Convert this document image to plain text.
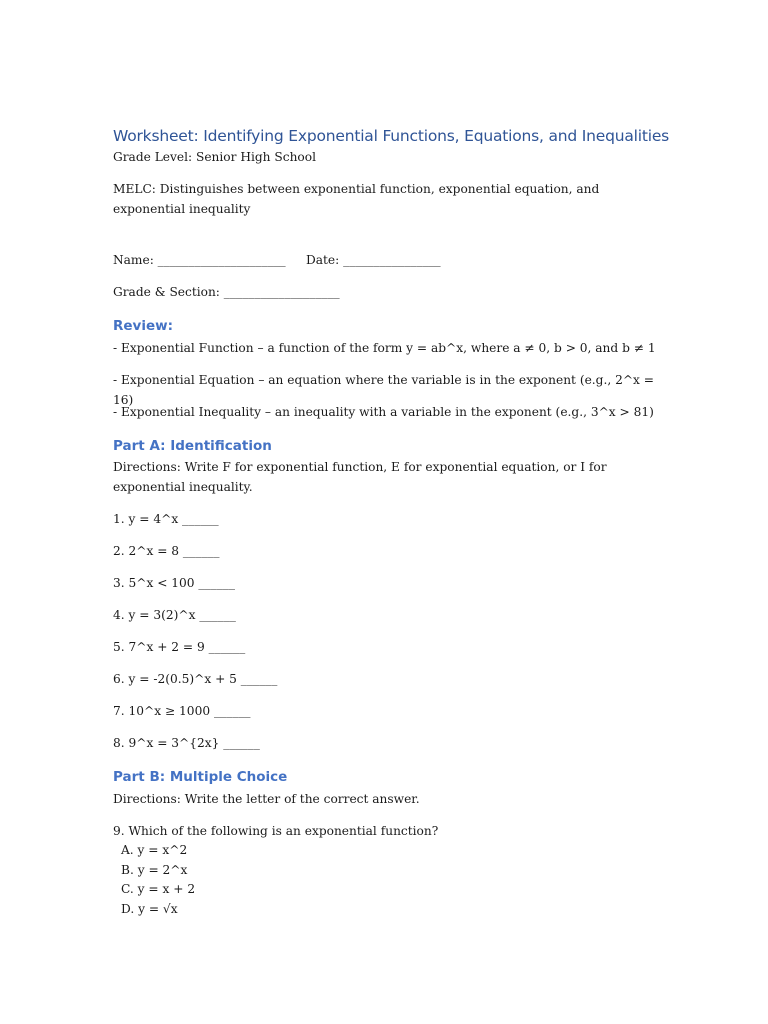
Worksheet: Identifying Exponential Functions, Equations, and Inequalities

Grade Level: Senior High School

MELC: Distinguishes between exponential function, exponential equation, and exponential inequality

Name: _____________________ Date: ________________

Grade & Section: ___________________

Review:

- Exponential Function – a function of the form y = ab^x, where a ≠ 0, b > 0, and b ≠ 1

- Exponential Equation – an equation where the variable is in the exponent (e.g., 2^x = 16)

- Exponential Inequality – an inequality with a variable in the exponent (e.g., 3^x > 81)

Part A: Identification

Directions: Write F for exponential function, E for exponential equation, or I for exponential inequality.

1. y = 4^x ______

2. 2^x = 8 ______

3. 5^x < 100 ______

4. y = 3(2)^x ______

5. 7^x + 2 = 9 ______

6. y = -2(0.5)^x + 5 ______

7. 10^x ≥ 1000 ______

8. 9^x = 3^{2x} ______

Part B: Multiple Choice

Directions: Write the letter of the correct answer.

9. Which of the following is an exponential function?

A. y = x^2

B. y = 2^x

C. y = x + 2

D. y = √x
